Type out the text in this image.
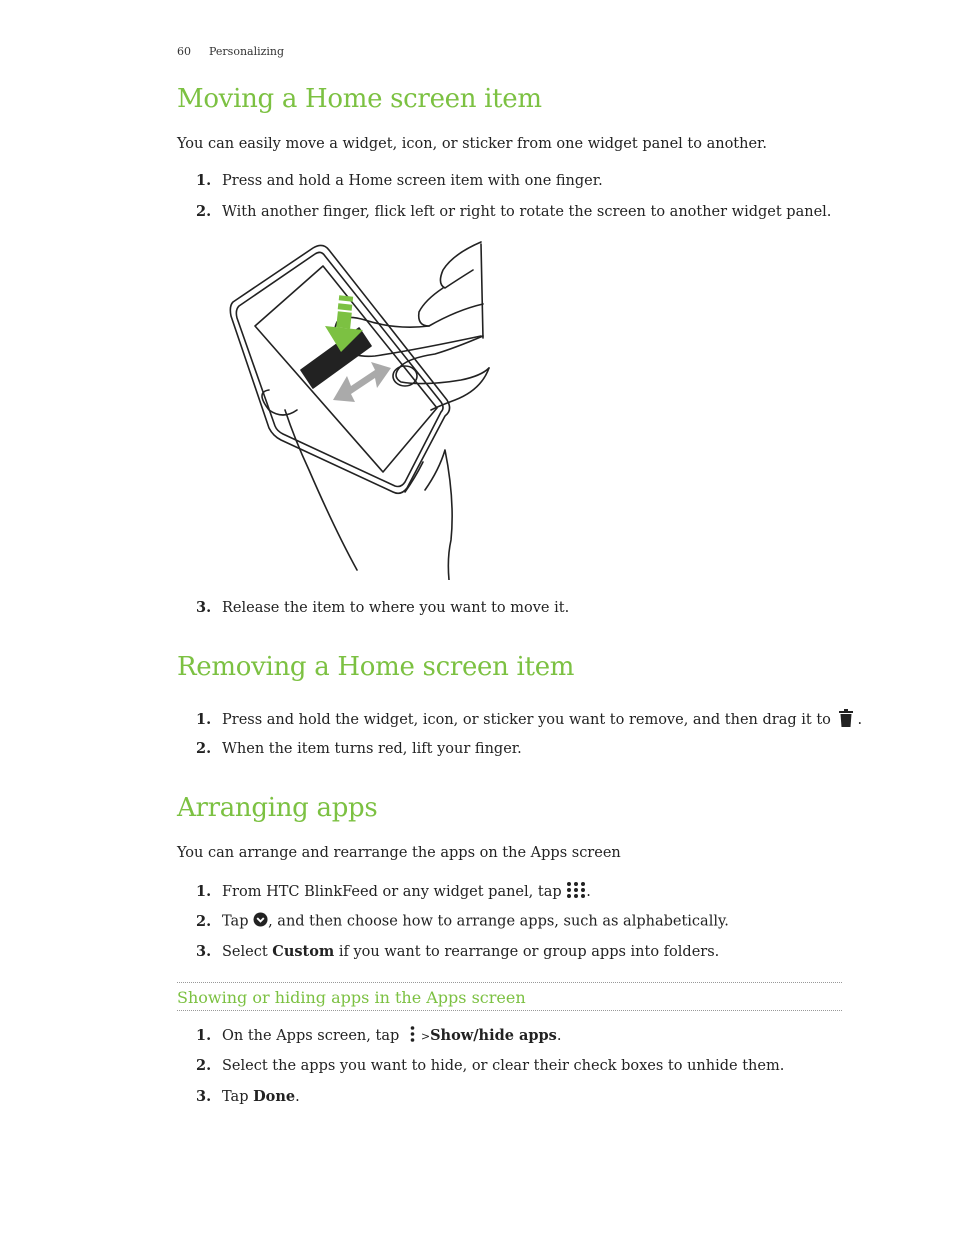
60 Personalizing
Moving a Home screen item
You can easily move a widget, icon, or sticker from one widget panel to another.
1. Press and hold a Home screen item with one finger.
2. With another finger, flick left or right to rotate the screen to another widget panel.
3. Release the item to where you want to move it.
Removing a Home screen item
1. Press and hold the widget, icon, or sticker you want to remove, and then drag it to .
2. When the item turns red, lift your finger.
Arranging apps
You can arrange and rearrange the apps on the Apps screen
1. From HTC BlinkFeed or any widget panel, tap .
2. Tap , and then choose how to arrange apps, such as alphabetically.
3. Select Custom if you want to rearrange or group apps into folders.
Showing or hiding apps in the Apps screen
1. On the Apps screen, tap >Show/hide apps.
2. Select the apps you want to hide, or clear their check boxes to unhide them.
3. Tap Done.
